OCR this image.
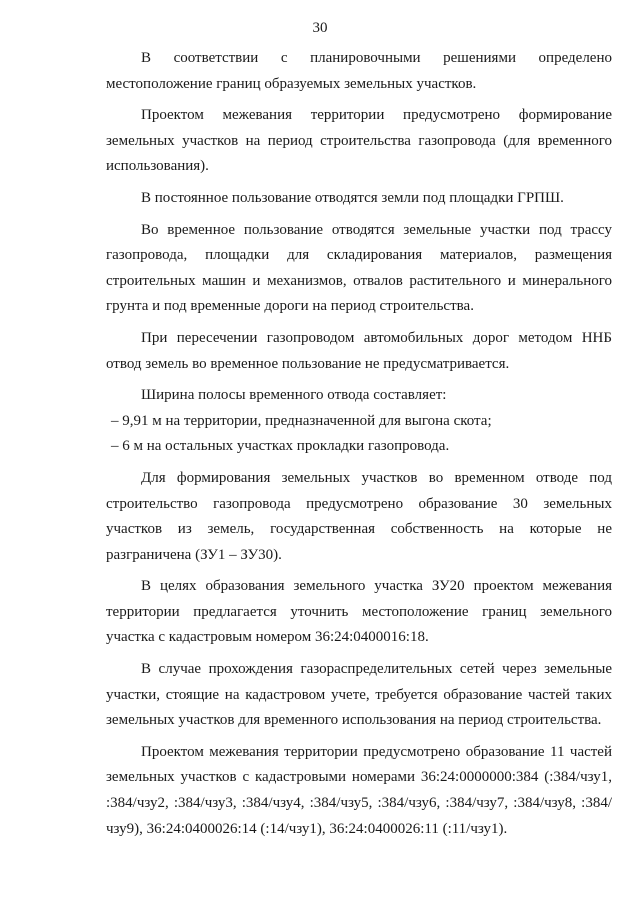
30

В соответствии с планировочными решениями определено местоположение границ образуемых земельных участков.

Проектом межевания территории предусмотрено формирование земельных участков на период строительства газопровода (для временного использования).

В постоянное пользование отводятся земли под площадки ГРПШ.

Во временное пользование отводятся земельные участки под трассу газопровода, площадки для складирования материалов, размещения строительных машин и механизмов, отвалов растительного и минерального грунта и под временные дороги на период строительства.

При пересечении газопроводом автомобильных дорог методом ННБ отвод земель во временное пользование не предусматривается.

Ширина полосы временного отвода составляет:

– 9,91 м на территории, предназначенной для выгона скота;

– 6 м на остальных участках прокладки газопровода.

Для формирования земельных участков во временном отводе под строительство газопровода предусмотрено образование 30 земельных участков из земель, государственная собственность на которые не разграничена (ЗУ1 – ЗУ30).

В целях образования земельного участка ЗУ20 проектом межевания территории предлагается уточнить местоположение границ земельного участка с кадастровым номером 36:24:0400016:18.

В случае прохождения газораспределительных сетей через земельные участки, стоящие на кадастровом учете, требуется образование частей таких земельных участков для временного использования на период строительства.

Проектом межевания территории предусмотрено образование 11 частей земельных участков с кадастровыми номерами 36:24:0000000:384 (:384/чзу1, :384/чзу2, :384/чзу3, :384/чзу4, :384/чзу5, :384/чзу6, :384/чзу7, :384/чзу8, :384/чзу9), 36:24:0400026:14 (:14/чзу1), 36:24:0400026:11 (:11/чзу1).
